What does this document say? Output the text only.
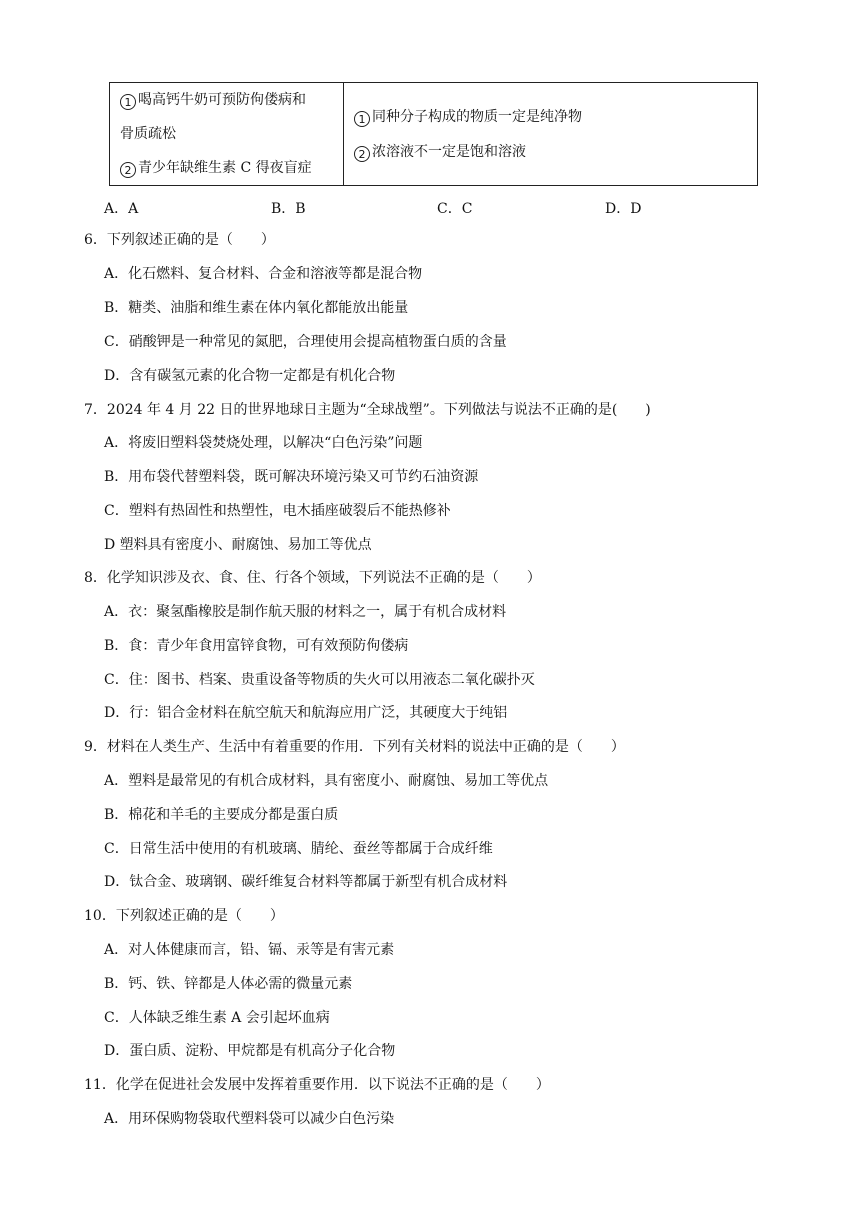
1 喝高钙牛奶可预防佝偻病和
骨质疏松
2 青少年缺维生素 C 得夜盲症
1 同种分子构成的物质一定是纯净物
2 浓溶液不一定是饱和溶液
A．A	B．B	C．C	D．D
6．下列叙述正确的是（　　）
A．化石燃料、复合材料、合金和溶液等都是混合物
B．糖类、油脂和维生素在体内氧化都能放出能量
C．硝酸钾是一种常见的氮肥，合理使用会提高植物蛋白质的含量
D．含有碳氢元素的化合物一定都是有机化合物
7．2024 年 4 月 22 日的世界地球日主题为“全球战塑”。下列做法与说法不正确的是(　　)
A．将废旧塑料袋焚烧处理，以解决“白色污染”问题
B．用布袋代替塑料袋，既可解决环境污染又可节约石油资源
C．塑料有热固性和热塑性，电木插座破裂后不能热修补
D 塑料具有密度小、耐腐蚀、易加工等优点
8．化学知识涉及衣、食、住、行各个领域，下列说法不正确的是（　　）
A．衣：聚氢酯橡胶是制作航天服的材料之一，属于有机合成材料
B．食：青少年食用富锌食物，可有效预防佝偻病
C．住：图书、档案、贵重设备等物质的失火可以用液态二氧化碳扑灭
D．行：铝合金材料在航空航天和航海应用广泛，其硬度大于纯铝
9．材料在人类生产、生活中有着重要的作用．下列有关材料的说法中正确的是（　　）
A．塑料是最常见的有机合成材料，具有密度小、耐腐蚀、易加工等优点
B．棉花和羊毛的主要成分都是蛋白质
C．日常生活中使用的有机玻璃、腈纶、蚕丝等都属于合成纤维
D．钛合金、玻璃钢、碳纤维复合材料等都属于新型有机合成材料
10．下列叙述正确的是（　　）
A．对人体健康而言，铅、镉、汞等是有害元素
B．钙、铁、锌都是人体必需的微量元素
C．人体缺乏维生素 A 会引起坏血病
D．蛋白质、淀粉、甲烷都是有机高分子化合物
11．化学在促进社会发展中发挥着重要作用．以下说法不正确的是（　　）
A．用环保购物袋取代塑料袋可以减少白色污染
